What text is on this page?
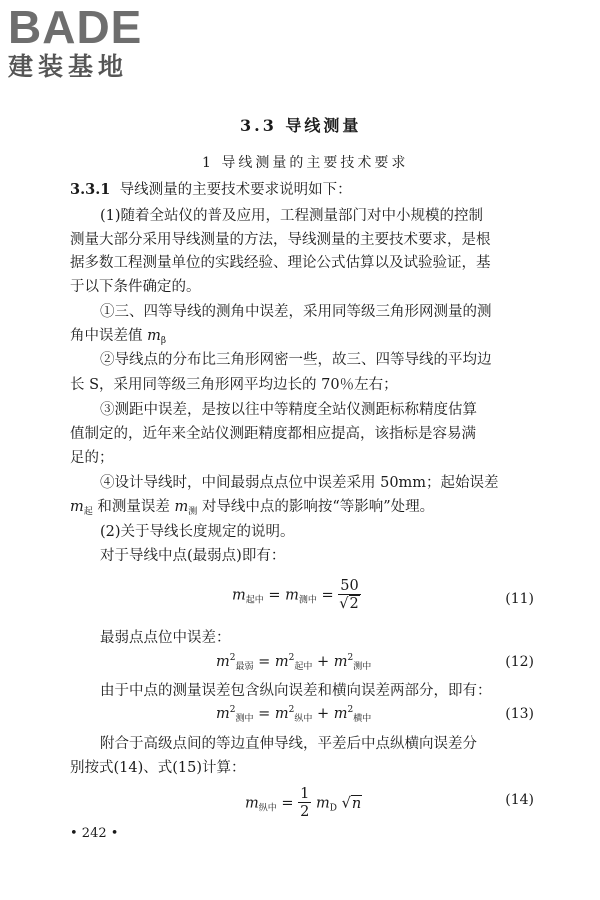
BADE
建装基地
3.3 导线测量
1 导线测量的主要技术要求
3.3.1 导线测量的主要技术要求说明如下：
(1)随着全站仪的普及应用，工程测量部门对中小规模的控制
测量大部分采用导线测量的方法，导线测量的主要技术要求，是根
据多数工程测量单位的实践经验、理论公式估算以及试验验证，基
于以下条件确定的。
①三、四等导线的测角中误差，采用同等级三角形网测量的测
角中误差值 $m_\beta$
②导线点的分布比三角形网密一些，故三、四等导线的平均边
长 S，采用同等级三角形网平均边长的 70％左右；
③测距中误差，是按以往中等精度全站仪测距标称精度估算
值制定的，近年来全站仪测距精度都相应提高，该指标是容易满
足的；
④设计导线时，中间最弱点点位中误差采用 50mm；起始误差
$m_起$ 和测量误差 $m_测$ 对导线中点的影响按“等影响”处理。
(2)关于导线长度规定的说明。
对于导线中点(最弱点)即有：
$m_{起中} = m_{测中} = \frac{50}{√2}$	(11)
最弱点点位中误差：
$m^2_{最弱} = m^2_{起中} + m^2_{测中}$	(12)
由于中点的测量误差包含纵向误差和横向误差两部分，即有：
$m^2_{测中} = m^2_{纵中} + m^2_{横中}$	(13)
附合于高级点间的等边直伸导线，平差后中点纵横向误差分
别按式(14)、式(15)计算：
$m_{纵中} = \frac{1}{2} m_D$ √n	(14)
• 242 •
